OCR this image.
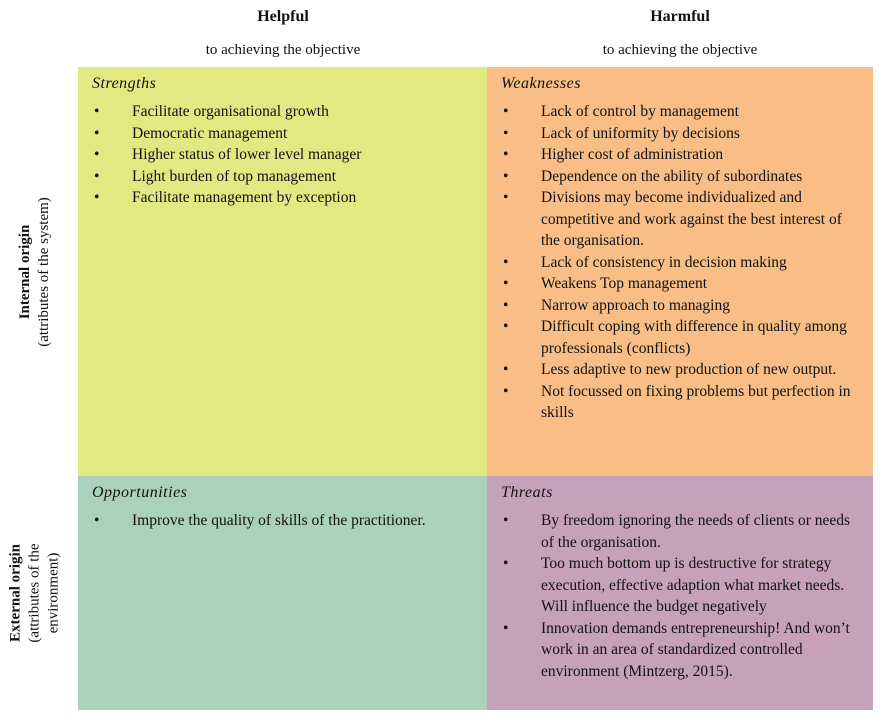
Helpful
to achieving the objective
Harmful
to achieving the objective
Internal origin (attributes of the system)
External origin (attributes of the environment)
Strengths
• Facilitate organisational growth
• Democratic management
• Higher status of lower level manager
• Light burden of top management
• Facilitate management by exception
Weaknesses
• Lack of control by management
• Lack of uniformity by decisions
• Higher cost of administration
• Dependence on the ability of subordinates
• Divisions may become individualized and competitive and work against the best interest of the organisation.
• Lack of consistency in decision making
• Weakens Top management
• Narrow approach to managing
• Difficult coping with difference in quality among professionals (conflicts)
• Less adaptive to new production of new output.
• Not focussed on fixing problems but perfection in skills
Opportunities
• Improve the quality of skills of the practitioner.
Threats
• By freedom ignoring the needs of clients or needs of the organisation.
• Too much bottom up is destructive for strategy execution, effective adaption what market needs. Will influence the budget negatively
• Innovation demands entrepreneurship! And won’t work in an area of standardized controlled environment (Mintzerg, 2015).
